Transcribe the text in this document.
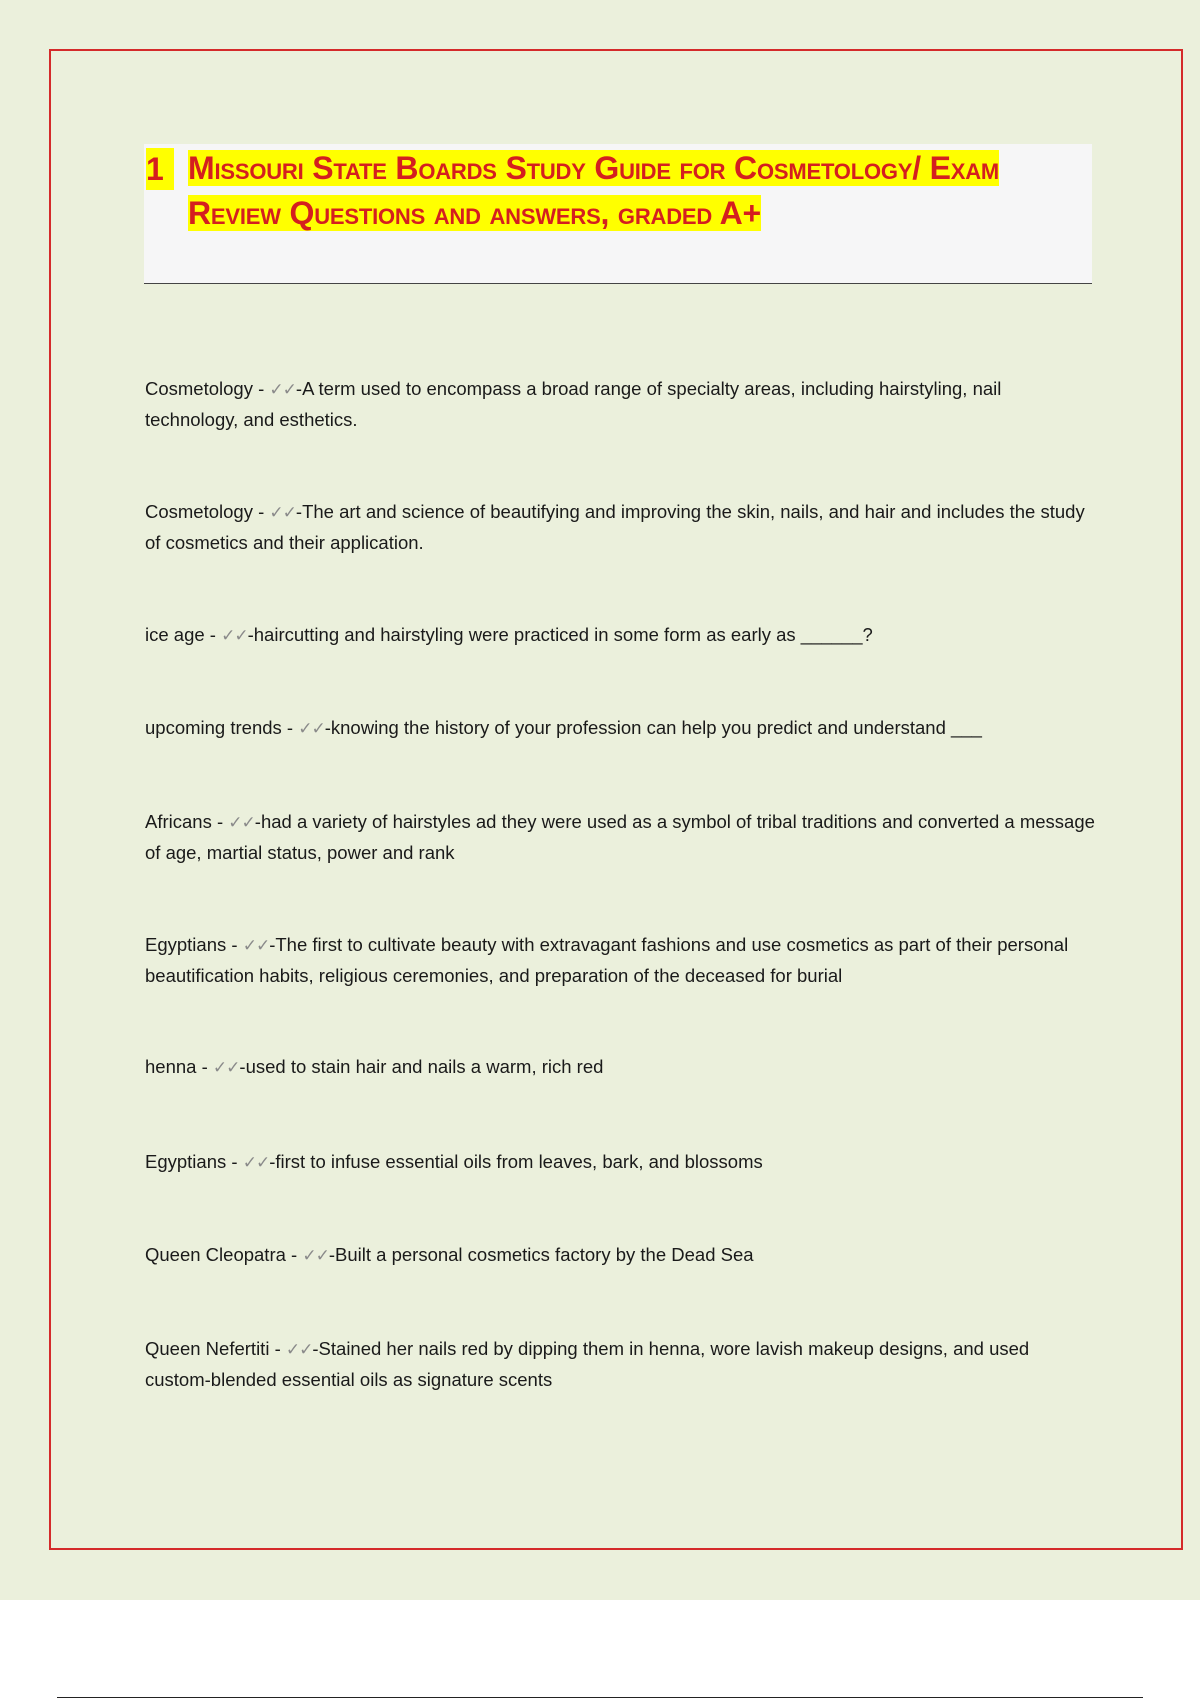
1 Missouri State Boards Study Guide for Cosmetology/ Exam Review Questions and answers, graded A+
Cosmetology - ✓✓-A term used to encompass a broad range of specialty areas, including hairstyling, nail technology, and esthetics.
Cosmetology - ✓✓-The art and science of beautifying and improving the skin, nails, and hair and includes the study of cosmetics and their application.
ice age - ✓✓-haircutting and hairstyling were practiced in some form as early as ______?
upcoming trends - ✓✓-knowing the history of your profession can help you predict and understand ___
Africans - ✓✓-had a variety of hairstyles ad they were used as a symbol of tribal traditions and converted a message of age, martial status, power and rank
Egyptians - ✓✓-The first to cultivate beauty with extravagant fashions and use cosmetics as part of their personal beautification habits, religious ceremonies, and preparation of the deceased for burial
henna - ✓✓-used to stain hair and nails a warm, rich red
Egyptians - ✓✓-first to infuse essential oils from leaves, bark, and blossoms
Queen Cleopatra - ✓✓-Built a personal cosmetics factory by the Dead Sea
Queen Nefertiti - ✓✓-Stained her nails red by dipping them in henna, wore lavish makeup designs, and used custom-blended essential oils as signature scents
